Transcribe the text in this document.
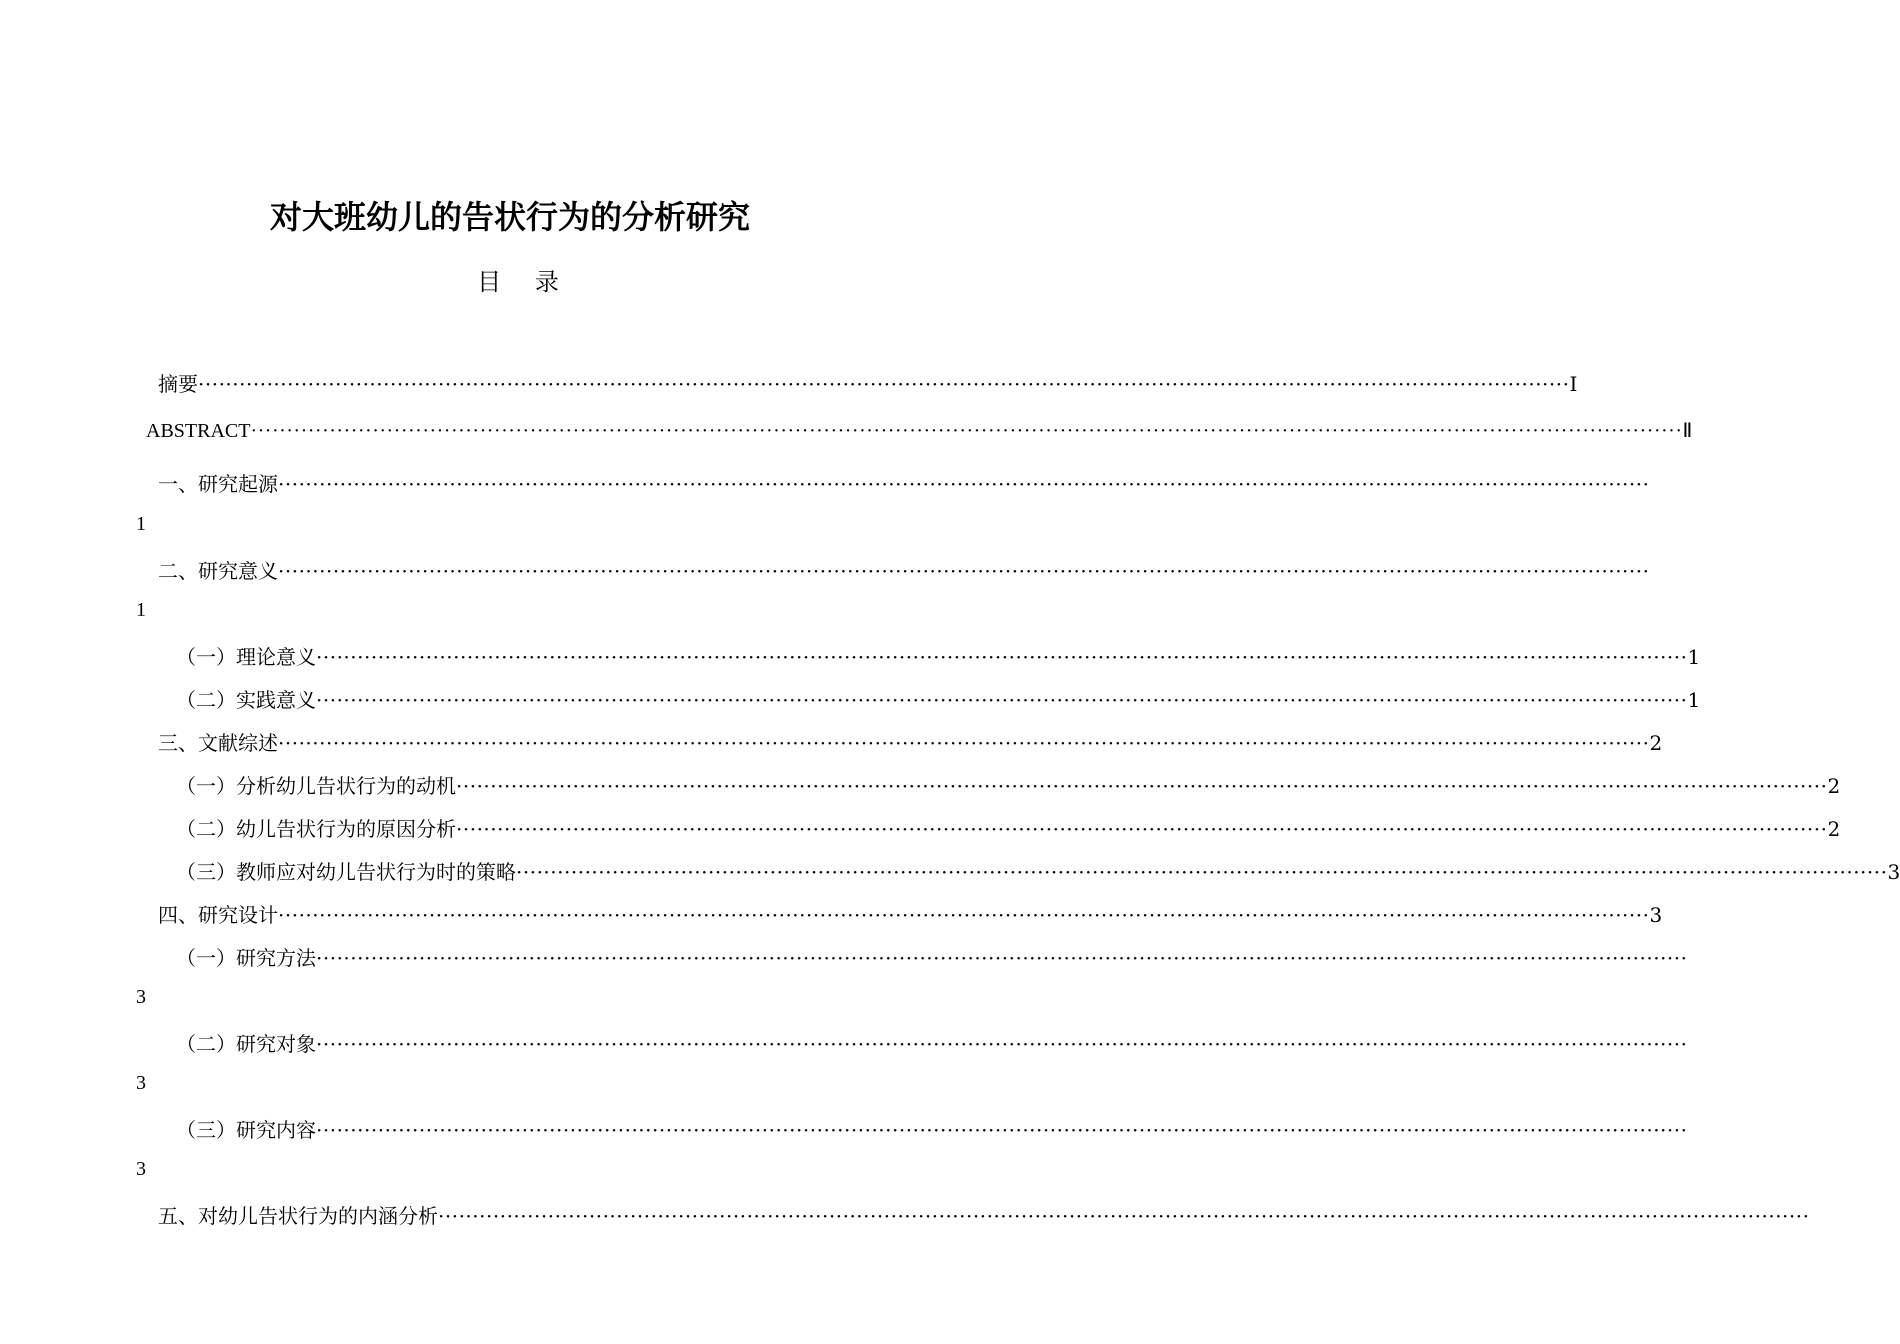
对大班幼儿的告状行为的分析研究
目 录
摘要 ········································································································································································································ Ⅰ
ABSTRACT ········································································································································································································ Ⅱ
一、研究起源 ········································································································································································································
1
二、研究意义 ········································································································································································································
1
（一）理论意义 ········································································································································································································ 1
（二）实践意义 ········································································································································································································ 1
三、文献综述 ········································································································································································································ 2
（一）分析幼儿告状行为的动机 ········································································································································································································ 2
（二）幼儿告状行为的原因分析 ········································································································································································································ 2
（三）教师应对幼儿告状行为时的策略 ········································································································································································································ 3
四、研究设计 ········································································································································································································ 3
（一）研究方法 ········································································································································································································
3
（二）研究对象 ········································································································································································································
3
（三）研究内容 ········································································································································································································
3
五、对幼儿告状行为的内涵分析 ········································································································································································································
